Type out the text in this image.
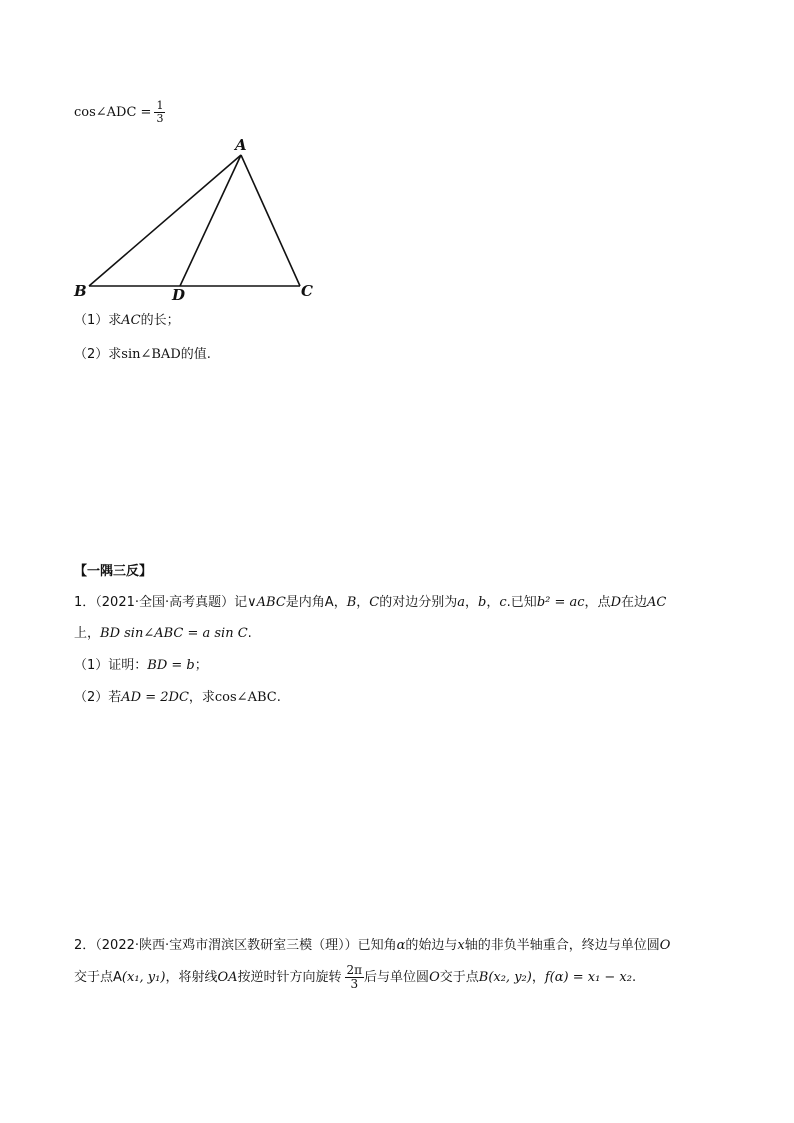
cos∠ADC = $\frac{1}{3}$
A
B	D	C
（1）求AC的长；
（2）求sin∠BAD的值.
【一隅三反】
1．（2021·全国·高考真题）记∨ABC是内角A，B，C的对边分别为a，b，c.已知b² = ac，点D在边AC
上，BD sin∠ABC = a sin C.
（1）证明：BD = b；
（2）若AD = 2DC，求cos∠ABC.
2．（2022·陕西·宝鸡市渭滨区教研室三模（理））已知角α的始边与x轴的非负半轴重合，终边与单位圆O
交于点A(x₁, y₁)，将射线OA按逆时针方向旋转 $\frac{2\pi}{3}$ 后与单位圆O交于点B(x₂, y₂)，f(α) = x₁ − x₂.
